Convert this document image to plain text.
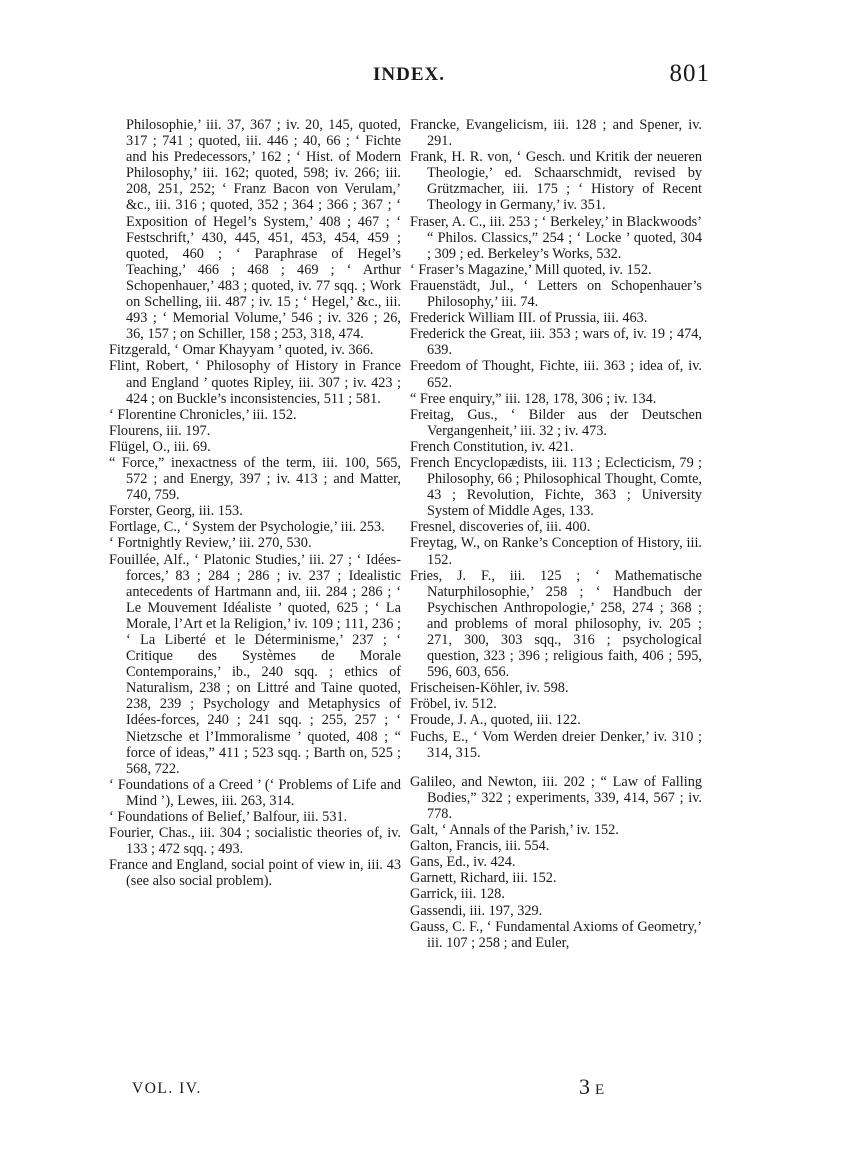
INDEX.	801

Philosophie,’ iii. 37, 367 ; iv. 20, 145, quoted, 317 ; 741 ; quoted, iii. 446 ; 40, 66 ; ‘ Fichte and his Predecessors,’ 162 ; ‘ Hist. of Modern Philosophy,’ iii. 162; quoted, 598; iv. 266; iii. 208, 251, 252; ‘ Franz Bacon von Verulam,’ &c., iii. 316 ; quoted, 352 ; 364 ; 366 ; 367 ; ‘ Exposition of Hegel’s System,’ 408 ; 467 ; ‘ Festschrift,’ 430, 445, 451, 453, 454, 459 ; quoted, 460 ; ‘ Paraphrase of Hegel’s Teaching,’ 466 ; 468 ; 469 ; ‘ Arthur Schopenhauer,’ 483 ; quoted, iv. 77 sqq. ; Work on Schelling, iii. 487 ; iv. 15 ; ‘ Hegel,’ &c., iii. 493 ; ‘ Memorial Volume,’ 546 ; iv. 326 ; 26, 36, 157 ; on Schiller, 158 ; 253, 318, 474.

Fitzgerald, ‘ Omar Khayyam ’ quoted, iv. 366.

Flint, Robert, ‘ Philosophy of History in France and England ’ quotes Ripley, iii. 307 ; iv. 423 ; 424 ; on Buckle’s inconsistencies, 511 ; 581.

‘ Florentine Chronicles,’ iii. 152.

Flourens, iii. 197.

Flügel, O., iii. 69.

“ Force,” inexactness of the term, iii. 100, 565, 572 ; and Energy, 397 ; iv. 413 ; and Matter, 740, 759.

Forster, Georg, iii. 153.

Fortlage, C., ‘ System der Psychologie,’ iii. 253.

‘ Fortnightly Review,’ iii. 270, 530.

Fouillée, Alf., ‘ Platonic Studies,’ iii. 27 ; ‘ Idées-forces,’ 83 ; 284 ; 286 ; iv. 237 ; Idealistic antecedents of Hartmann and, iii. 284 ; 286 ; ‘ Le Mouvement Idéaliste ’ quoted, 625 ; ‘ La Morale, l’Art et la Religion,’ iv. 109 ; 111, 236 ; ‘ La Liberté et le Déterminisme,’ 237 ; ‘ Critique des Systèmes de Morale Contemporains,’ ib., 240 sqq. ; ethics of Naturalism, 238 ; on Littré and Taine quoted, 238, 239 ; Psychology and Metaphysics of Idées-forces, 240 ; 241 sqq. ; 255, 257 ; ‘ Nietzsche et l’Immoralisme ’ quoted, 408 ; “ force of ideas,” 411 ; 523 sqq. ; Barth on, 525 ; 568, 722.

‘ Foundations of a Creed ’ (‘ Problems of Life and Mind ’), Lewes, iii. 263, 314.

‘ Foundations of Belief,’ Balfour, iii. 531.

Fourier, Chas., iii. 304 ; socialistic theories of, iv. 133 ; 472 sqq. ; 493.

France and England, social point of view in, iii. 43 (see also social problem).

Francke, Evangelicism, iii. 128 ; and Spener, iv. 291.

Frank, H. R. von, ‘ Gesch. und Kritik der neueren Theologie,’ ed. Schaarschmidt, revised by Grützmacher, iii. 175 ; ‘ History of Recent Theology in Germany,’ iv. 351.

Fraser, A. C., iii. 253 ; ‘ Berkeley,’ in Blackwoods’ “ Philos. Classics,” 254 ; ‘ Locke ’ quoted, 304 ; 309 ; ed. Berkeley’s Works, 532.

‘ Fraser’s Magazine,’ Mill quoted, iv. 152.

Frauenstädt, Jul., ‘ Letters on Schopenhauer’s Philosophy,’ iii. 74.

Frederick William III. of Prussia, iii. 463.

Frederick the Great, iii. 353 ; wars of, iv. 19 ; 474, 639.

Freedom of Thought, Fichte, iii. 363 ; idea of, iv. 652.

“ Free enquiry,” iii. 128, 178, 306 ; iv. 134.

Freitag, Gus., ‘ Bilder aus der Deutschen Vergangenheit,’ iii. 32 ; iv. 473.

French Constitution, iv. 421.

French Encyclopædists, iii. 113 ; Eclecticism, 79 ; Philosophy, 66 ; Philosophical Thought, Comte, 43 ; Revolution, Fichte, 363 ; University System of Middle Ages, 133.

Fresnel, discoveries of, iii. 400.

Freytag, W., on Ranke’s Conception of History, iii. 152.

Fries, J. F., iii. 125 ; ‘ Mathematische Naturphilosophie,’ 258 ; ‘ Handbuch der Psychischen Anthropologie,’ 258, 274 ; 368 ; and problems of moral philosophy, iv. 205 ; 271, 300, 303 sqq., 316 ; psychological question, 323 ; 396 ; religious faith, 406 ; 595, 596, 603, 656.

Frischeisen-Köhler, iv. 598.

Fröbel, iv. 512.

Froude, J. A., quoted, iii. 122.

Fuchs, E., ‘ Vom Werden dreier Denker,’ iv. 310 ; 314, 315.

Galileo, and Newton, iii. 202 ; “ Law of Falling Bodies,” 322 ; experiments, 339, 414, 567 ; iv. 778.

Galt, ‘ Annals of the Parish,’ iv. 152.

Galton, Francis, iii. 554.

Gans, Ed., iv. 424.

Garnett, Richard, iii. 152.

Garrick, iii. 128.

Gassendi, iii. 197, 329.

Gauss, C. F., ‘ Fundamental Axioms of Geometry,’ iii. 107 ; 258 ; and Euler,

VOL. IV.	3 E
